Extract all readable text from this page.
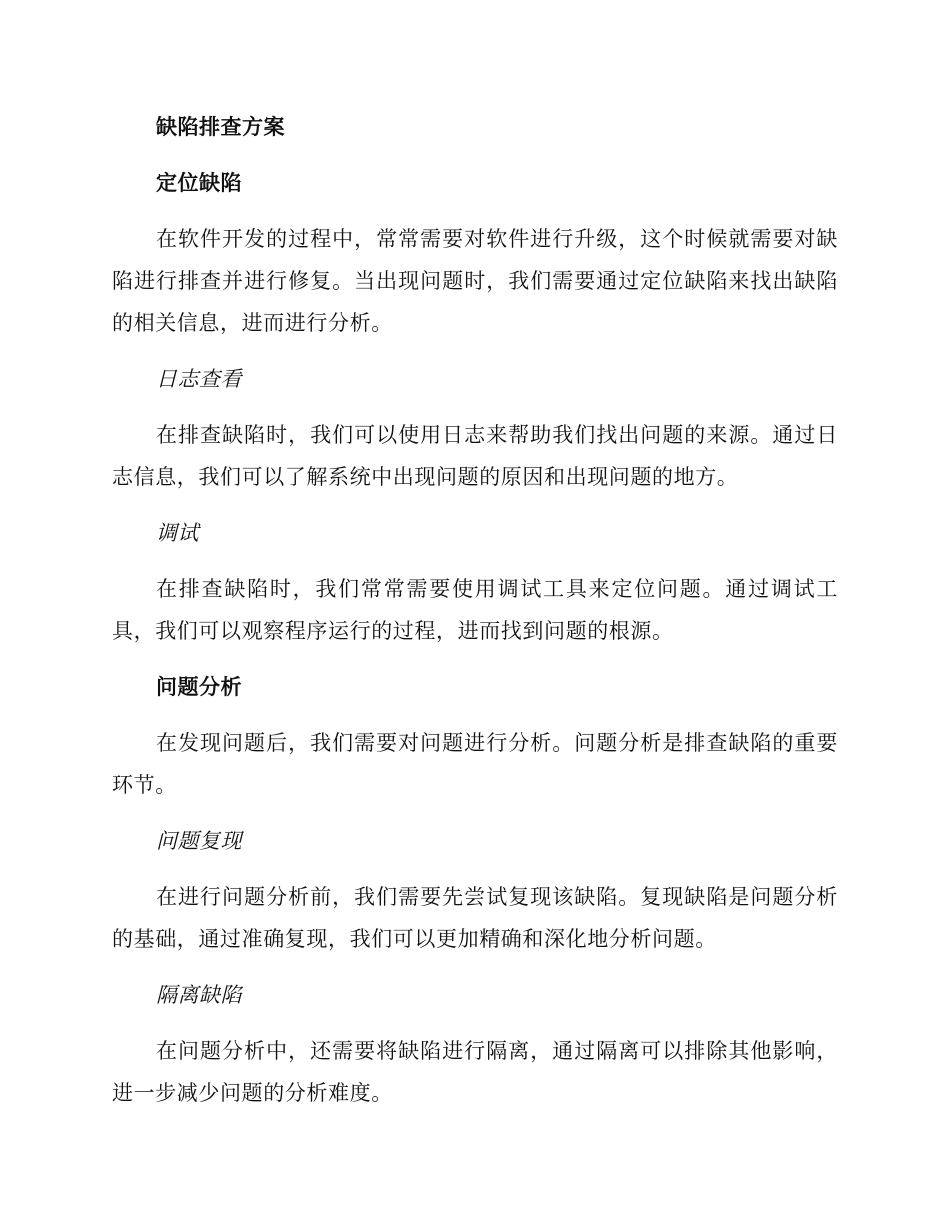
缺陷排查方案
定位缺陷

在软件开发的过程中，常常需要对软件进行升级，这个时候就需要对缺陷进行排查并进行修复。当出现问题时，我们需要通过定位缺陷来找出缺陷的相关信息，进而进行分析。

日志查看

在排查缺陷时，我们可以使用日志来帮助我们找出问题的来源。通过日志信息，我们可以了解系统中出现问题的原因和出现问题的地方。

调试

在排查缺陷时，我们常常需要使用调试工具来定位问题。通过调试工具，我们可以观察程序运行的过程，进而找到问题的根源。

问题分析

在发现问题后，我们需要对问题进行分析。问题分析是排查缺陷的重要环节。

问题复现

在进行问题分析前，我们需要先尝试复现该缺陷。复现缺陷是问题分析的基础，通过准确复现，我们可以更加精确和深化地分析问题。

隔离缺陷

在问题分析中，还需要将缺陷进行隔离，通过隔离可以排除其他影响，进一步减少问题的分析难度。
